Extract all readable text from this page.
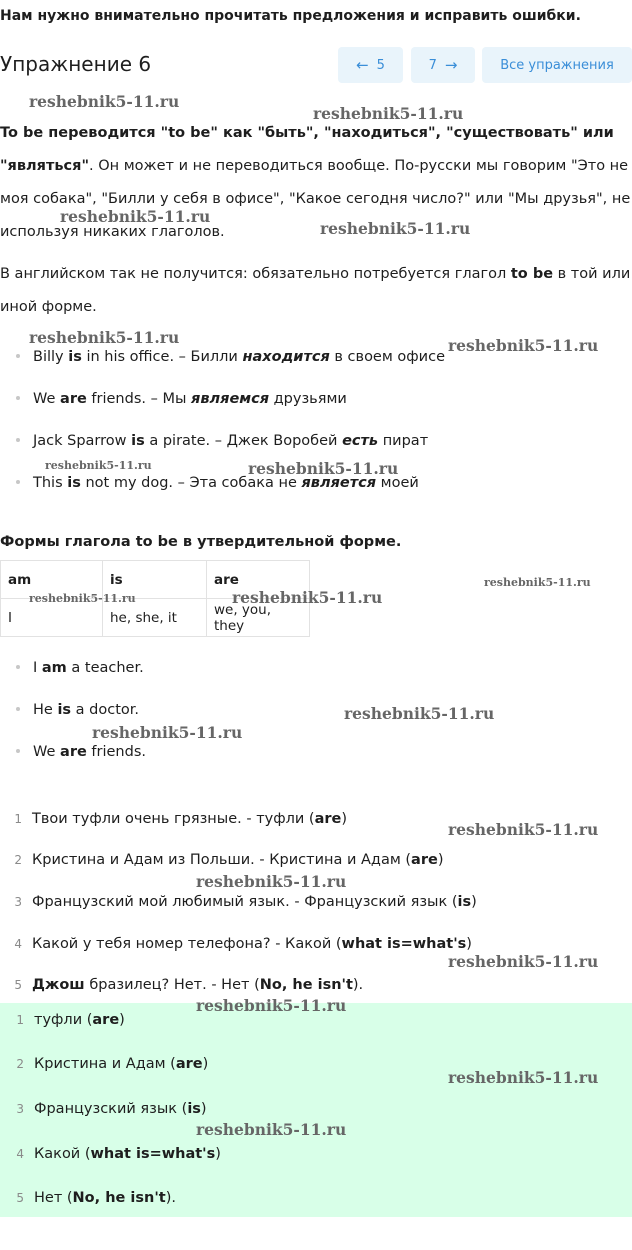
Нам нужно внимательно прочитать предложения и исправить ошибки.
Упражнение 6	← 5	7 →	Все упражнения
To be переводится "to be" как "быть", "находиться", "существовать" или "являться". Он может и не переводиться вообще. По-русски мы говорим "Это не моя собака", "Билли у себя в офисе", "Какое сегодня число?" или "Мы друзья", не используя никаких глаголов.
В английском так не получится: обязательно потребуется глагол to be в той или иной форме.
Billy is in his office. – Билли находится в своем офисе
We are friends. – Мы являемся друзьями
Jack Sparrow is a pirate. – Джек Воробей есть пират
This is not my dog. – Эта собака не является моей
Формы глагола to be в утвердительной форме.
am	is	are
I	he, she, it	we, you, they
I am a teacher.
He is a doctor.
We are friends.
1 Твои туфли очень грязные. - туфли (are)
2 Кристина и Адам из Польши. - Кристина и Адам (are)
3 Французский мой любимый язык. - Французский язык (is)
4 Какой у тебя номер телефона? - Какой (what is=what's)
5 Джош бразилец? Нет. - Нет (No, he isn't).
1 туфли (are)
2 Кристина и Адам (are)
3 Французский язык (is)
4 Какой (what is=what's)
5 Нет (No, he isn't).
reshebnik5-11.ru
reshebnik5-11.ru
reshebnik5-11.ru
reshebnik5-11.ru
reshebnik5-11.ru	reshebnik5-11.ru
reshebnik5-11.ru	reshebnik5-11.ru
reshebnik5-11.ru
reshebnik5-11.ru	reshebnik5-11.ru
reshebnik5-11.ru
reshebnik5-11.ru
reshebnik5-11.ru
reshebnik5-11.ru
reshebnik5-11.ru
reshebnik5-11.ru
reshebnik5-11.ru
reshebnik5-11.ru
